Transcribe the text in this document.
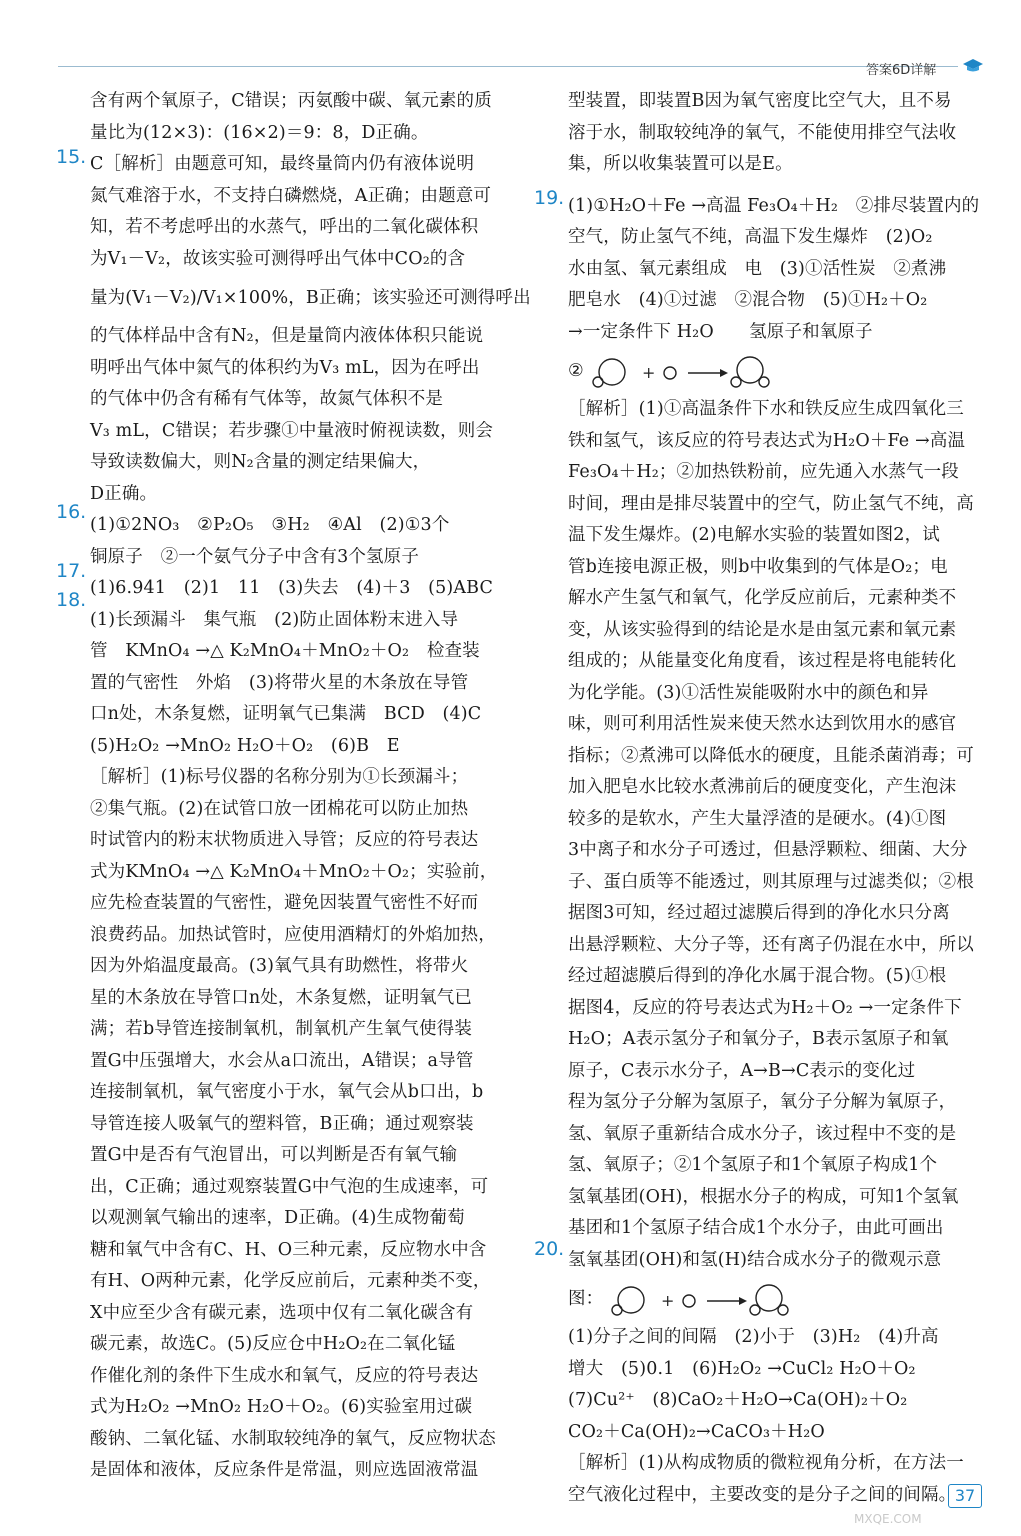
答案6D详解
15.
16.
17.
18.
19.
20.
含有两个氧原子，C错误；丙氨酸中碳、氧元素的质
量比为(12×3)：(16×2)＝9：8，D正确。
C［解析］由题意可知，最终量筒内仍有液体说明
氮气难溶于水，不支持白磷燃烧，A正确；由题意可
知，若不考虑呼出的水蒸气，呼出的二氧化碳体积
为V₁－V₂，故该实验可测得呼出气体中CO₂的含
量为(V₁－V₂)/V₁×100%，B正确；该实验还可测得呼出
的气体样品中含有N₂，但是量筒内液体体积只能说
明呼出气体中氮气的体积约为V₃ mL，因为在呼出
的气体中仍含有稀有气体等，故氮气体积不是
V₃ mL，C错误；若步骤①中量液时俯视读数，则会
导致读数偏大，则N₂含量的测定结果偏大，
D正确。
(1)①2NO₃　②P₂O₅　③H₂　④Al　(2)①3个
铜原子　②一个氨气分子中含有3个氢原子
(1)6.941　(2)1　11　(3)失去　(4)＋3　(5)ABC
(1)长颈漏斗　集气瓶　(2)防止固体粉末进入导
管　KMnO₄ →△ K₂MnO₄＋MnO₂＋O₂　检查装
置的气密性　外焰　(3)将带火星的木条放在导管
口n处，木条复燃，证明氧气已集满　BCD　(4)C
(5)H₂O₂ →MnO₂ H₂O＋O₂　(6)B　E
［解析］(1)标号仪器的名称分别为①长颈漏斗；
②集气瓶。(2)在试管口放一团棉花可以防止加热
时试管内的粉末状物质进入导管；反应的符号表达
式为KMnO₄ →△ K₂MnO₄＋MnO₂＋O₂；实验前，
应先检查装置的气密性，避免因装置气密性不好而
浪费药品。加热试管时，应使用酒精灯的外焰加热，
因为外焰温度最高。(3)氧气具有助燃性，将带火
星的木条放在导管口n处，木条复燃，证明氧气已
满；若b导管连接制氧机，制氧机产生氧气使得装
置G中压强增大，水会从a口流出，A错误；a导管
连接制氧机，氧气密度小于水，氧气会从b口出，b
导管连接人吸氧气的塑料管，B正确；通过观察装
置G中是否有气泡冒出，可以判断是否有氧气输
出，C正确；通过观察装置G中气泡的生成速率，可
以观测氧气输出的速率，D正确。(4)生成物葡萄
糖和氧气中含有C、H、O三种元素，反应物水中含
有H、O两种元素，化学反应前后，元素种类不变，
X中应至少含有碳元素，选项中仅有二氧化碳含有
碳元素，故选C。(5)反应仓中H₂O₂在二氧化锰
作催化剂的条件下生成水和氧气，反应的符号表达
式为H₂O₂ →MnO₂ H₂O＋O₂。(6)实验室用过碳
酸钠、二氧化锰、水制取较纯净的氧气，反应物状态
是固体和液体，反应条件是常温，则应选固液常温
型装置，即装置B因为氧气密度比空气大，且不易
溶于水，制取较纯净的氧气，不能使用排空气法收
集，所以收集装置可以是E。
(1)①H₂O＋Fe →高温 Fe₃O₄＋H₂　②排尽装置内的
空气，防止氢气不纯，高温下发生爆炸　(2)O₂
水由氢、氧元素组成　电　(3)①活性炭　②煮沸
肥皂水　(4)①过滤　②混合物　(5)①H₂＋O₂
→一定条件下 H₂O　　氢原子和氧原子
②	+
［解析］(1)①高温条件下水和铁反应生成四氧化三
铁和氢气，该反应的符号表达式为H₂O＋Fe →高温
Fe₃O₄＋H₂；②加热铁粉前，应先通入水蒸气一段
时间，理由是排尽装置中的空气，防止氢气不纯，高
温下发生爆炸。(2)电解水实验的装置如图2，试
管b连接电源正极，则b中收集到的气体是O₂；电
解水产生氢气和氧气，化学反应前后，元素种类不
变，从该实验得到的结论是水是由氢元素和氧元素
组成的；从能量变化角度看，该过程是将电能转化
为化学能。(3)①活性炭能吸附水中的颜色和异
味，则可利用活性炭来使天然水达到饮用水的感官
指标；②煮沸可以降低水的硬度，且能杀菌消毒；可
加入肥皂水比较水煮沸前后的硬度变化，产生泡沫
较多的是软水，产生大量浮渣的是硬水。(4)①图
3中离子和水分子可透过，但悬浮颗粒、细菌、大分
子、蛋白质等不能透过，则其原理与过滤类似；②根
据图3可知，经过超过滤膜后得到的净化水只分离
出悬浮颗粒、大分子等，还有离子仍混在水中，所以
经过超滤膜后得到的净化水属于混合物。(5)①根
据图4，反应的符号表达式为H₂＋O₂ →一定条件下
H₂O；A表示氢分子和氧分子，B表示氢原子和氧
原子，C表示水分子，A→B→C表示的变化过
程为氢分子分解为氢原子，氧分子分解为氧原子，
氢、氧原子重新结合成水分子，该过程中不变的是
氢、氧原子；②1个氢原子和1个氧原子构成1个
氢氧基团(OH)，根据水分子的构成，可知1个氢氧
基团和1个氢原子结合成1个水分子，由此可画出
氢氧基团(OH)和氢(H)结合成水分子的微观示意
图：	+
(1)分子之间的间隔　(2)小于　(3)H₂　(4)升高
增大　(5)0.1　(6)H₂O₂ →CuCl₂ H₂O＋O₂
(7)Cu²⁺　(8)CaO₂＋H₂O→Ca(OH)₂＋O₂
CO₂＋Ca(OH)₂→CaCO₃＋H₂O
［解析］(1)从构成物质的微粒视角分析，在方法一
空气液化过程中，主要改变的是分子之间的间隔。
MXQE.COM
37
